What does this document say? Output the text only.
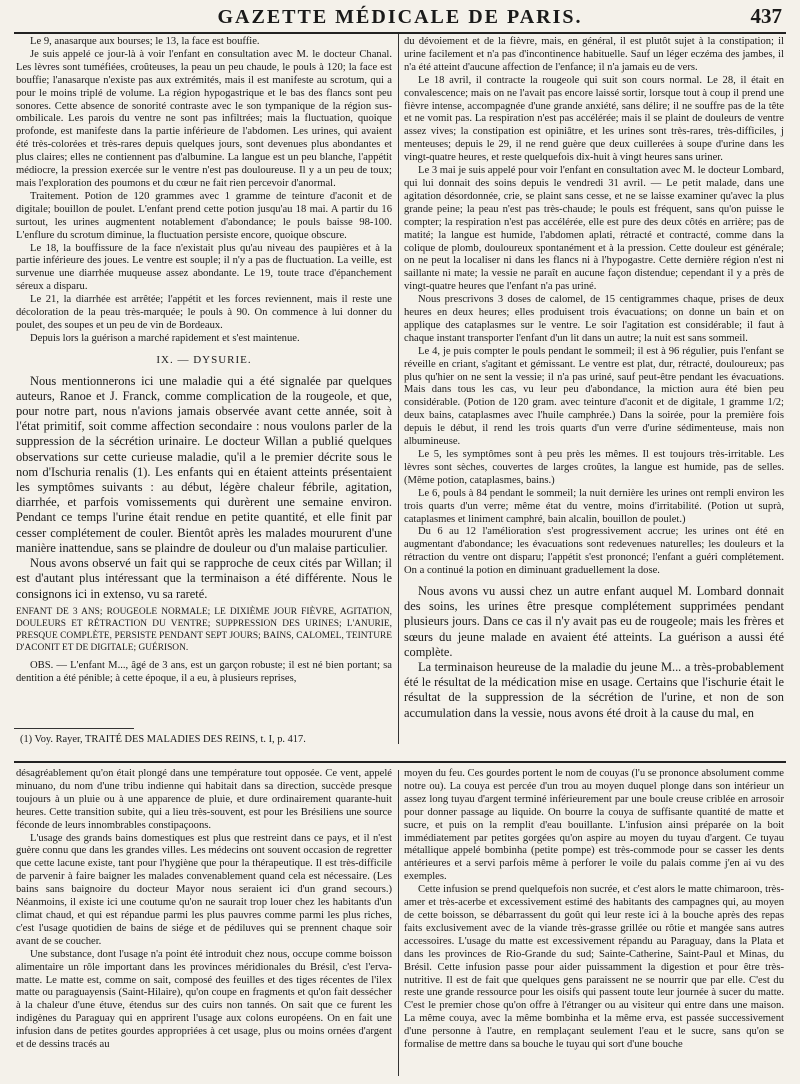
GAZETTE MÉDICALE DE PARIS.	437

Le 9, anasarque aux bourses; le 13, la face est bouffie.

Je suis appelé ce jour-là à voir l'enfant en consultation avec M. le docteur Chanal. Les lèvres sont tuméfiées, croûteuses, la peau un peu chaude, le pouls à 120; la face est bouffie; l'anasarque n'existe pas aux extrémités, mais il est manifeste au scrotum, qui a pour le moins triplé de volume. La région hypogastrique et le bas des flancs sont peu sonores. Cette absence de sonorité contraste avec le son tympanique de la région sus-ombilicale. Les parois du ventre ne sont pas infiltrées; mais la fluctuation, quoique profonde, est manifeste dans la partie inférieure de l'abdomen. Les urines, qui avaient été très-colorées et très-rares depuis quelques jours, sont devenues plus abondantes et plus claires; elles ne contiennent pas d'albumine. La langue est un peu blanche, l'appétit médiocre, la pression exercée sur le ventre n'est pas douloureuse. Il y a un peu de toux; mais l'exploration des poumons et du cœur ne fait rien percevoir d'anormal.

Traitement. Potion de 120 grammes avec 1 gramme de teinture d'aconit et de digitale; bouillon de poulet. L'enfant prend cette potion jusqu'au 18 mai. A partir du 16 surtout, les urines augmentent notablement d'abondance; le pouls baisse 98-100. L'enflure du scrotum diminue, la fluctuation persiste encore, quoique obscure.

Le 18, la bouffissure de la face n'existait plus qu'au niveau des paupières et à la partie inférieure des joues. Le ventre est souple; il n'y a pas de fluctuation. La veille, est survenue une diarrhée muqueuse assez abondante. Le 19, toute trace d'épanchement séreux a disparu.

Le 21, la diarrhée est arrêtée; l'appétit et les forces reviennent, mais il reste une décoloration de la peau très-marquée; le pouls à 90. On commence à lui donner du poulet, des soupes et un peu de vin de Bordeaux.

Depuis lors la guérison a marché rapidement et s'est maintenue.

IX. — DYSURIE.

Nous mentionnerons ici une maladie qui a été signalée par quelques auteurs, Ranoe et J. Franck, comme complication de la rougeole, et que, pour notre part, nous n'avions jamais observée avant cette année, soit à l'état primitif, soit comme affection secondaire : nous voulons parler de la suppression de la sécrétion urinaire. Le docteur Willan a publié quelques observations sur cette curieuse maladie, qu'il a le premier décrite sous le nom d'Ischuria renalis (1). Les enfants qui en étaient atteints présentaient les symptômes suivants : au début, légère chaleur fébrile, agitation, diarrhée, et parfois vomissements qui durèrent une semaine environ. Pendant ce temps l'urine était rendue en petite quantité, et elle finit par cesser complétement de couler. Bientôt après les malades moururent d'une manière inattendue, sans se plaindre de douleur ou d'un malaise particulier.

Nous avons observé un fait qui se rapproche de ceux cités par Willan; il est d'autant plus intéressant que la terminaison a été différente. Nous le consignons ici in extenso, vu sa rareté.

ENFANT DE 3 ANS; ROUGEOLE NORMALE; LE DIXIÈME JOUR FIÈVRE, AGITATION, DOULEURS ET RÉTRACTION DU VENTRE; SUPPRESSION DES URINES; L'ANURIE, PRESQUE COMPLÈTE, PERSISTE PENDANT SEPT JOURS; BAINS, CALOMEL, TEINTURE D'ACONIT ET DE DIGITALE; GUÉRISON.

OBS. — L'enfant M..., âgé de 3 ans, est un garçon robuste; il est né bien portant; sa dentition a été pénible; à cette époque, il a eu, à plusieurs reprises,

(1) Voy. Rayer, TRAITÉ DES MALADIES DES REINS, t. I, p. 417.

du dévoiement et de la fièvre, mais, en général, il est plutôt sujet à la constipation; il urine facilement et n'a pas d'incontinence habituelle. Sauf un léger eczéma des jambes, il n'a été atteint d'aucune affection de l'enfance; il n'a jamais eu de vers.

Le 18 avril, il contracte la rougeole qui suit son cours normal. Le 28, il était en convalescence; mais on ne l'avait pas encore laissé sortir, lorsque tout à coup il prend une fièvre intense, accompagnée d'une grande anxiété, sans délire; il ne souffre pas de la tête et ne vomit pas. La respiration n'est pas accélérée; mais il se plaint de douleurs de ventre assez vives; la constipation est opiniâtre, et les urines sont très-rares, très-difficiles, j menteuses; depuis le 29, il ne rend guère que deux cuillerées à soupe d'urine dans les vingt-quatre heures, et reste quelquefois dix-huit à vingt heures sans uriner.

Le 3 mai je suis appelé pour voir l'enfant en consultation avec M. le docteur Lombard, qui lui donnait des soins depuis le vendredi 31 avril. — Le petit malade, dans une agitation désordonnée, crie, se plaint sans cesse, et ne se laisse examiner qu'avec la plus grande peine; la peau n'est pas très-chaude; le pouls est fréquent, sans qu'on puisse le compter; la respiration n'est pas accélérée, elle est pure des deux côtés en arrière; pas de matité; la langue est humide, l'abdomen aplati, rétracté et contracté, comme dans la colique de plomb, douloureux spontanément et à la pression. Cette douleur est générale; on ne peut la localiser ni dans les flancs ni à l'hypogastre. Cette dernière région n'est ni saillante ni mate; la vessie ne paraît en aucune façon distendue; cependant il y a près de vingt-quatre heures que l'enfant n'a pas uriné.

Nous prescrivons 3 doses de calomel, de 15 centigrammes chaque, prises de deux heures en deux heures; elles produisent trois évacuations; on donne un bain et on applique des cataplasmes sur le ventre. Le soir l'agitation est considérable; il faut à chaque instant transporter l'enfant d'un lit dans un autre; la nuit est sans sommeil.

Le 4, je puis compter le pouls pendant le sommeil; il est à 96 régulier, puis l'enfant se réveille en criant, s'agitant et gémissant. Le ventre est plat, dur, rétracté, douloureux; pas plus qu'hier on ne sent la vessie; il n'a pas uriné, sauf peut-être pendant les évacuations. Mais dans tous les cas, vu leur peu d'abondance, la miction aura été bien peu considérable. (Potion de 120 gram. avec teinture d'aconit et de digitale, 1 gramme 1/2; deux bains, cataplasmes avec l'huile camphrée.) Dans la soirée, pour la première fois depuis le début, il rend les trois quarts d'un verre d'urine sédimenteuse, mais non albumineuse.

Le 5, les symptômes sont à peu près les mêmes. Il est toujours très-irritable. Les lèvres sont sèches, couvertes de larges croûtes, la langue est humide, pas de selles. (Même potion, cataplasmes, bains.)

Le 6, pouls à 84 pendant le sommeil; la nuit dernière les urines ont rempli environ les trois quarts d'un verre; même état du ventre, moins d'irritabilité. (Potion ut suprà, cataplasmes et liniment camphré, bain alcalin, bouillon de poulet.)

Du 6 au 12 l'amélioration s'est progressivement accrue; les urines ont été en augmentant d'abondance; les évacuations sont redevenues naturelles; les douleurs et la rétraction du ventre ont disparu; l'appétit s'est prononcé; l'enfant a guéri complétement. On a continué la potion en diminuant graduellement la dose.

Nous avons vu aussi chez un autre enfant auquel M. Lombard donnait des soins, les urines être presque complétement supprimées pendant plusieurs jours. Dans ce cas il n'y avait pas eu de rougeole; mais les frères et sœurs du jeune malade en avaient été atteints. La guérison a aussi été complète.

La terminaison heureuse de la maladie du jeune M... a très-probablement été le résultat de la médication mise en usage. Certains que l'ischurie était le résultat de la suppression de la sécrétion de l'urine, et non de son accumulation dans la vessie, nous avons été droit à la cause du mal, en

désagréablement qu'on était plongé dans une température tout opposée. Ce vent, appelé minuano, du nom d'une tribu indienne qui habitait dans sa direction, succède presque toujours à un pluie ou à une apparence de pluie, et dure ordinairement quarante-huit heures. Cette transition subite, qui a lieu très-souvent, est pour les Brésiliens une source féconde de leurs innombrables constipaçoons.

L'usage des grands bains domestiques est plus que restreint dans ce pays, et il n'est guère connu que dans les grandes villes. Les médecins ont souvent occasion de regretter que cette lacune existe, tant pour l'hygiène que pour la thérapeutique. Il est très-difficile de parvenir à faire baigner les malades convenablement quand cela est nécessaire. (Les bains sans baignoire du docteur Mayor nous seraient ici d'un grand secours.) Néanmoins, il existe ici une coutume qu'on ne saurait trop louer chez les habitants d'un climat chaud, et qui est répandue parmi les plus pauvres comme parmi les plus riches, c'est l'usage quotidien de bains de siége et de pédiluves qui se prennent chaque soir avant de se coucher.

Une substance, dont l'usage n'a point été introduit chez nous, occupe comme boisson alimentaire un rôle important dans les provinces méridionales du Brésil, c'est l'erva-matte. Le matte est, comme on sait, composé des feuilles et des tiges récentes de l'ilex matte ou paraguayensis (Saint-Hilaire), qu'on coupe en fragments et qu'on fait dessécher à la chaleur d'une étuve, étendus sur des cuirs non tannés. On sait que ce furent les indigènes du Paraguay qui en apprirent l'usage aux colons européens. On en fait une infusion dans de petites gourdes appropriées à cet usage, plus ou moins ornées d'argent et de dessins tracés au

moyen du feu. Ces gourdes portent le nom de couyas (l'u se prononce absolument comme notre ou). La couya est percée d'un trou au moyen duquel plonge dans son intérieur un assez long tuyau d'argent terminé inférieurement par une boule creuse criblée en arrosoir pour donner passage au liquide. On bourre la couya de suffisante quantité de matte et sucre, et puis on la remplit d'eau bouillante. L'infusion ainsi préparée on la boit immédiatement par petites gorgées qu'on aspire au moyen du tuyau d'argent. Ce tuyau métallique appelé bombinha (petite pompe) est très-commode pour se casser les dents antérieures et a servi parfois même à perforer le voile du palais comme j'en ai vu des exemples.

Cette infusion se prend quelquefois non sucrée, et c'est alors le matte chimaroon, très-amer et très-acerbe et excessivement estimé des habitants des campagnes qui, au moyen de cette boisson, se débarrassent du goût qui leur reste ici à la bouche après des repas faits exclusivement avec de la viande très-grasse grillée ou rôtie et mangée sans autres accessoires. L'usage du matte est excessivement répandu au Paraguay, dans la Plata et dans les provinces de Rio-Grande du sud; Sainte-Catherine, Saint-Paul et Minas, du Brésil. Cette infusion passe pour aider puissamment la digestion et pour être très-nutritive. Il est de fait que quelques gens paraissent ne se nourrir que par elle. C'est du reste une grande ressource pour les oisifs qui passent toute leur journée à sucer du matte. C'est le premier chose qu'on offre à l'étranger ou au visiteur qui entre dans une maison. La même couya, avec la même bombinha et la même erva, est passée successivement d'une personne à l'autre, en remplaçant seulement l'eau et le sucre, sans qu'on se formalise de mettre dans sa bouche le tuyau qui sort d'une bouche
